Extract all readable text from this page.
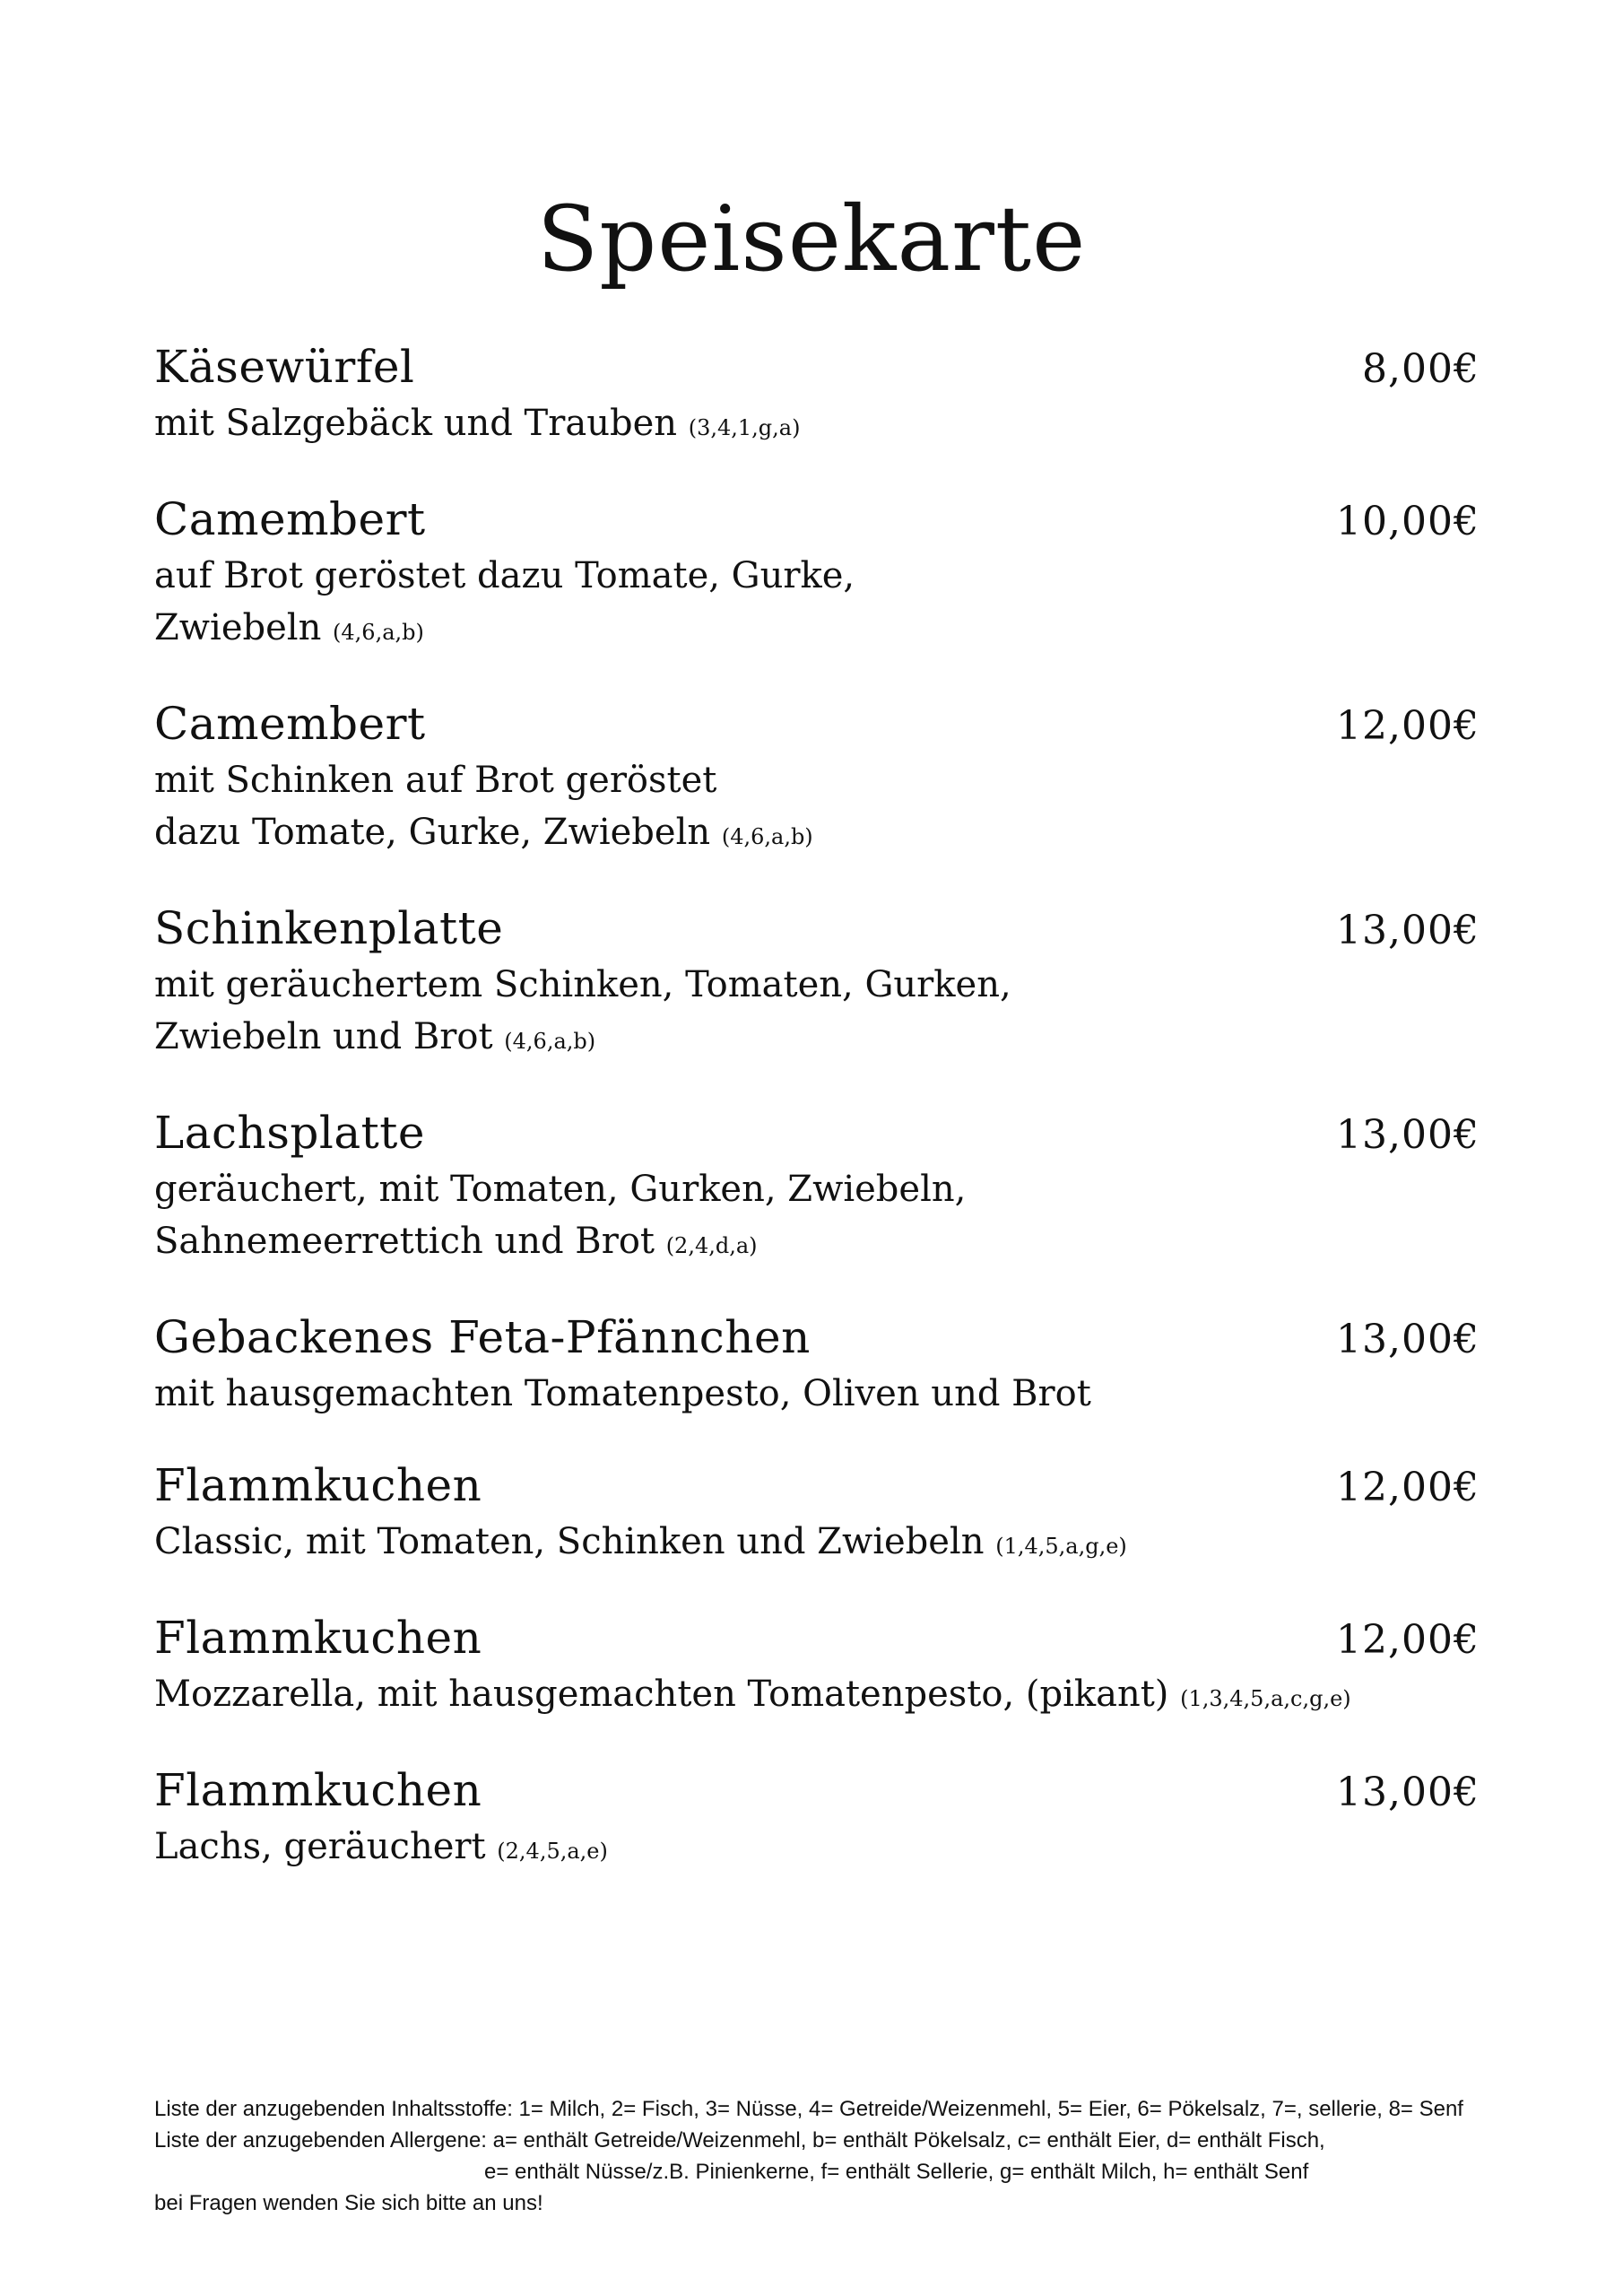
Speisekarte
Käsewürfel	8,00€
mit Salzgebäck und Trauben (3,4,1,g,a)
Camembert	10,00€
auf Brot geröstet dazu Tomate, Gurke,
Zwiebeln (4,6,a,b)
Camembert	12,00€
mit Schinken auf Brot geröstet
dazu Tomate, Gurke, Zwiebeln (4,6,a,b)
Schinkenplatte	13,00€
mit geräuchertem Schinken, Tomaten, Gurken,
Zwiebeln und Brot (4,6,a,b)
Lachsplatte	13,00€
geräuchert, mit Tomaten, Gurken, Zwiebeln,
Sahnemeerrettich und Brot (2,4,d,a)
Gebackenes Feta-Pfännchen	13,00€
mit hausgemachten Tomatenpesto, Oliven und Brot
Flammkuchen	12,00€
Classic, mit Tomaten, Schinken und Zwiebeln (1,4,5,a,g,e)
Flammkuchen	12,00€
Mozzarella, mit hausgemachten Tomatenpesto, (pikant) (1,3,4,5,a,c,g,e)
Flammkuchen	13,00€
Lachs, geräuchert (2,4,5,a,e)
Liste der anzugebenden Inhaltsstoffe: 1= Milch, 2= Fisch, 3= Nüsse, 4= Getreide/Weizenmehl, 5= Eier, 6= Pökelsalz, 7=, sellerie, 8= Senf
Liste der anzugebenden Allergene: a= enthält Getreide/Weizenmehl, b= enthält Pökelsalz, c= enthält Eier, d= enthält Fisch,
e= enthält Nüsse/z.B. Pinienkerne, f= enthält Sellerie, g= enthält Milch, h= enthält Senf
bei Fragen wenden Sie sich bitte an uns!
